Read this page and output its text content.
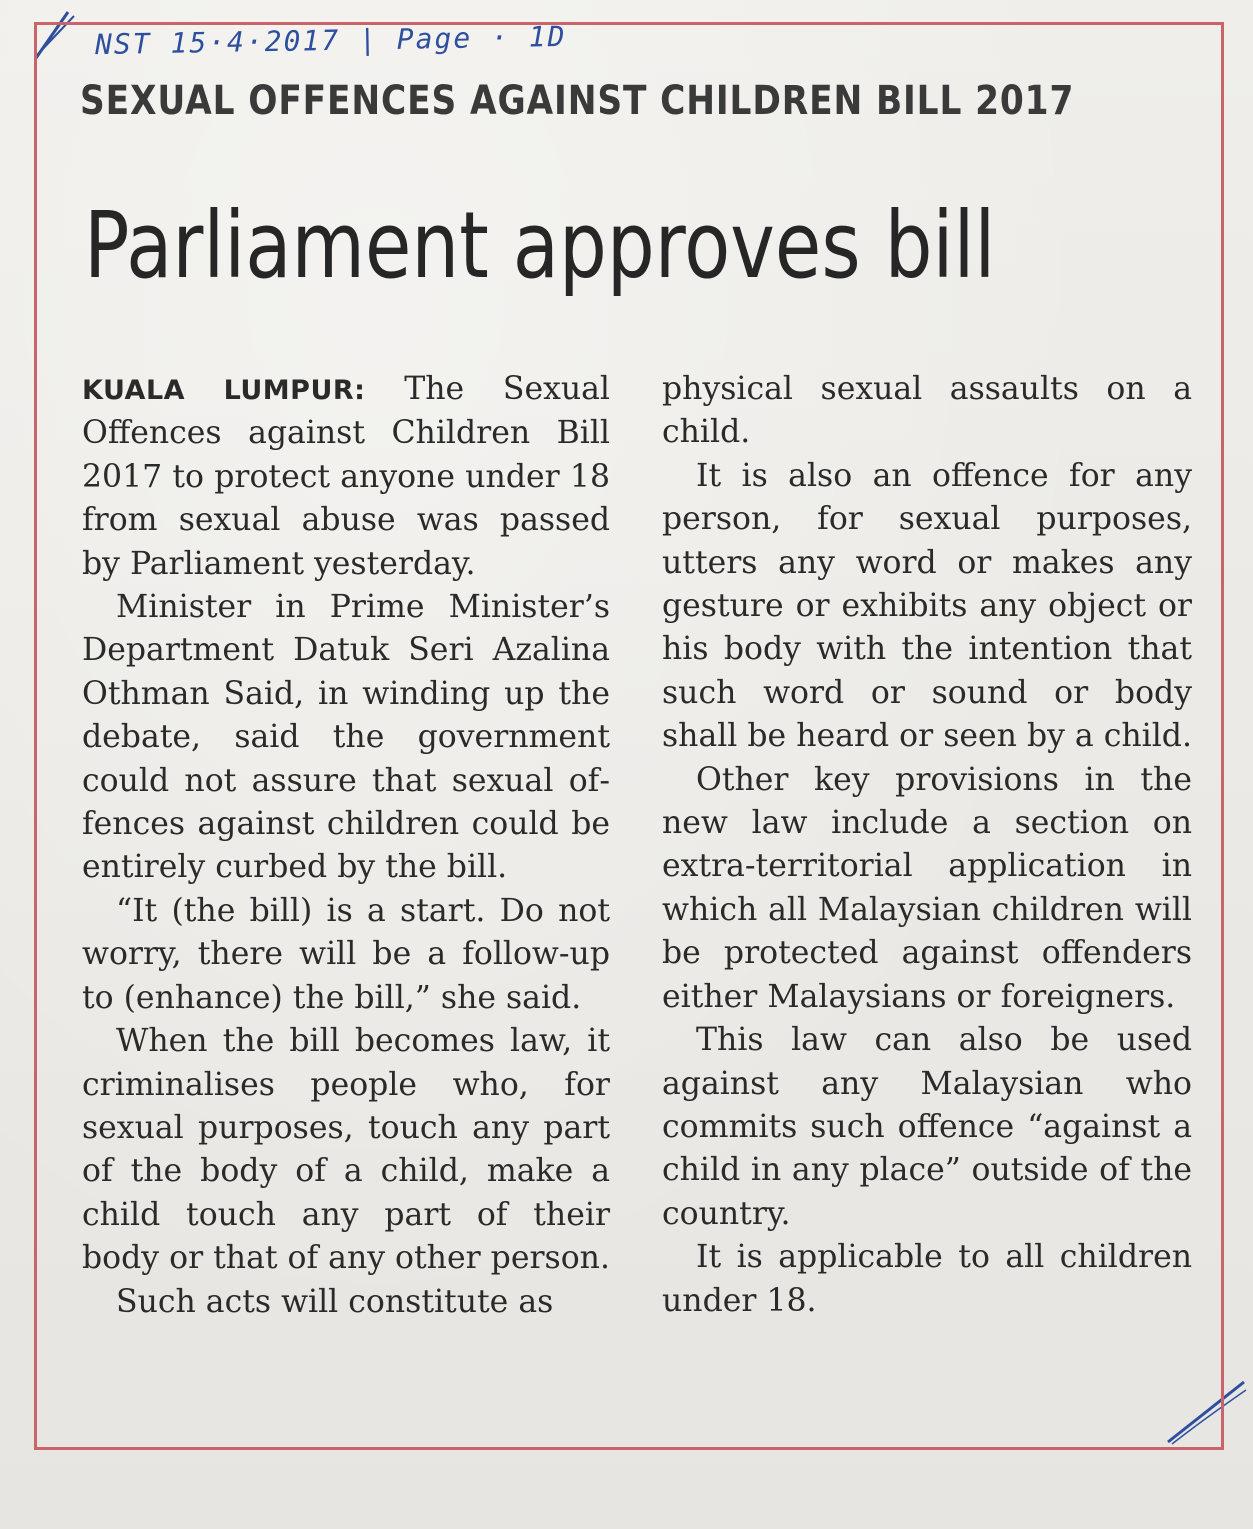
NST 15·4·2017 | Page · 1D
SEXUAL OFFENCES AGAINST CHILDREN BILL 2017
Parliament approves bill

KUALA LUMPUR: The Sexual Offences against Children Bill 2017 to protect anyone under 18 from sexual abuse was passed by Parliament yesterday.

Minister in Prime Minister’s Department Datuk Seri Azalina Othman Said, in winding up the debate, said the government could not assure that sexual offences against children could be entirely curbed by the bill.

“It (the bill) is a start. Do not worry, there will be a follow-up to (enhance) the bill,” she said.

When the bill becomes law, it criminalises people who, for sexual purposes, touch any part of the body of a child, make a child touch any part of their body or that of any other person.

Such acts will constitute as

physical sexual assaults on a child.

It is also an offence for any person, for sexual purposes, utters any word or makes any gesture or exhibits any object or his body with the intention that such word or sound or body shall be heard or seen by a child.

Other key provisions in the new law include a section on extra-territorial application in which all Malaysian children will be protected against offenders either Malaysians or foreigners.

This law can also be used against any Malaysian who commits such offence “against a child in any place” outside of the country.

It is applicable to all children under 18.
